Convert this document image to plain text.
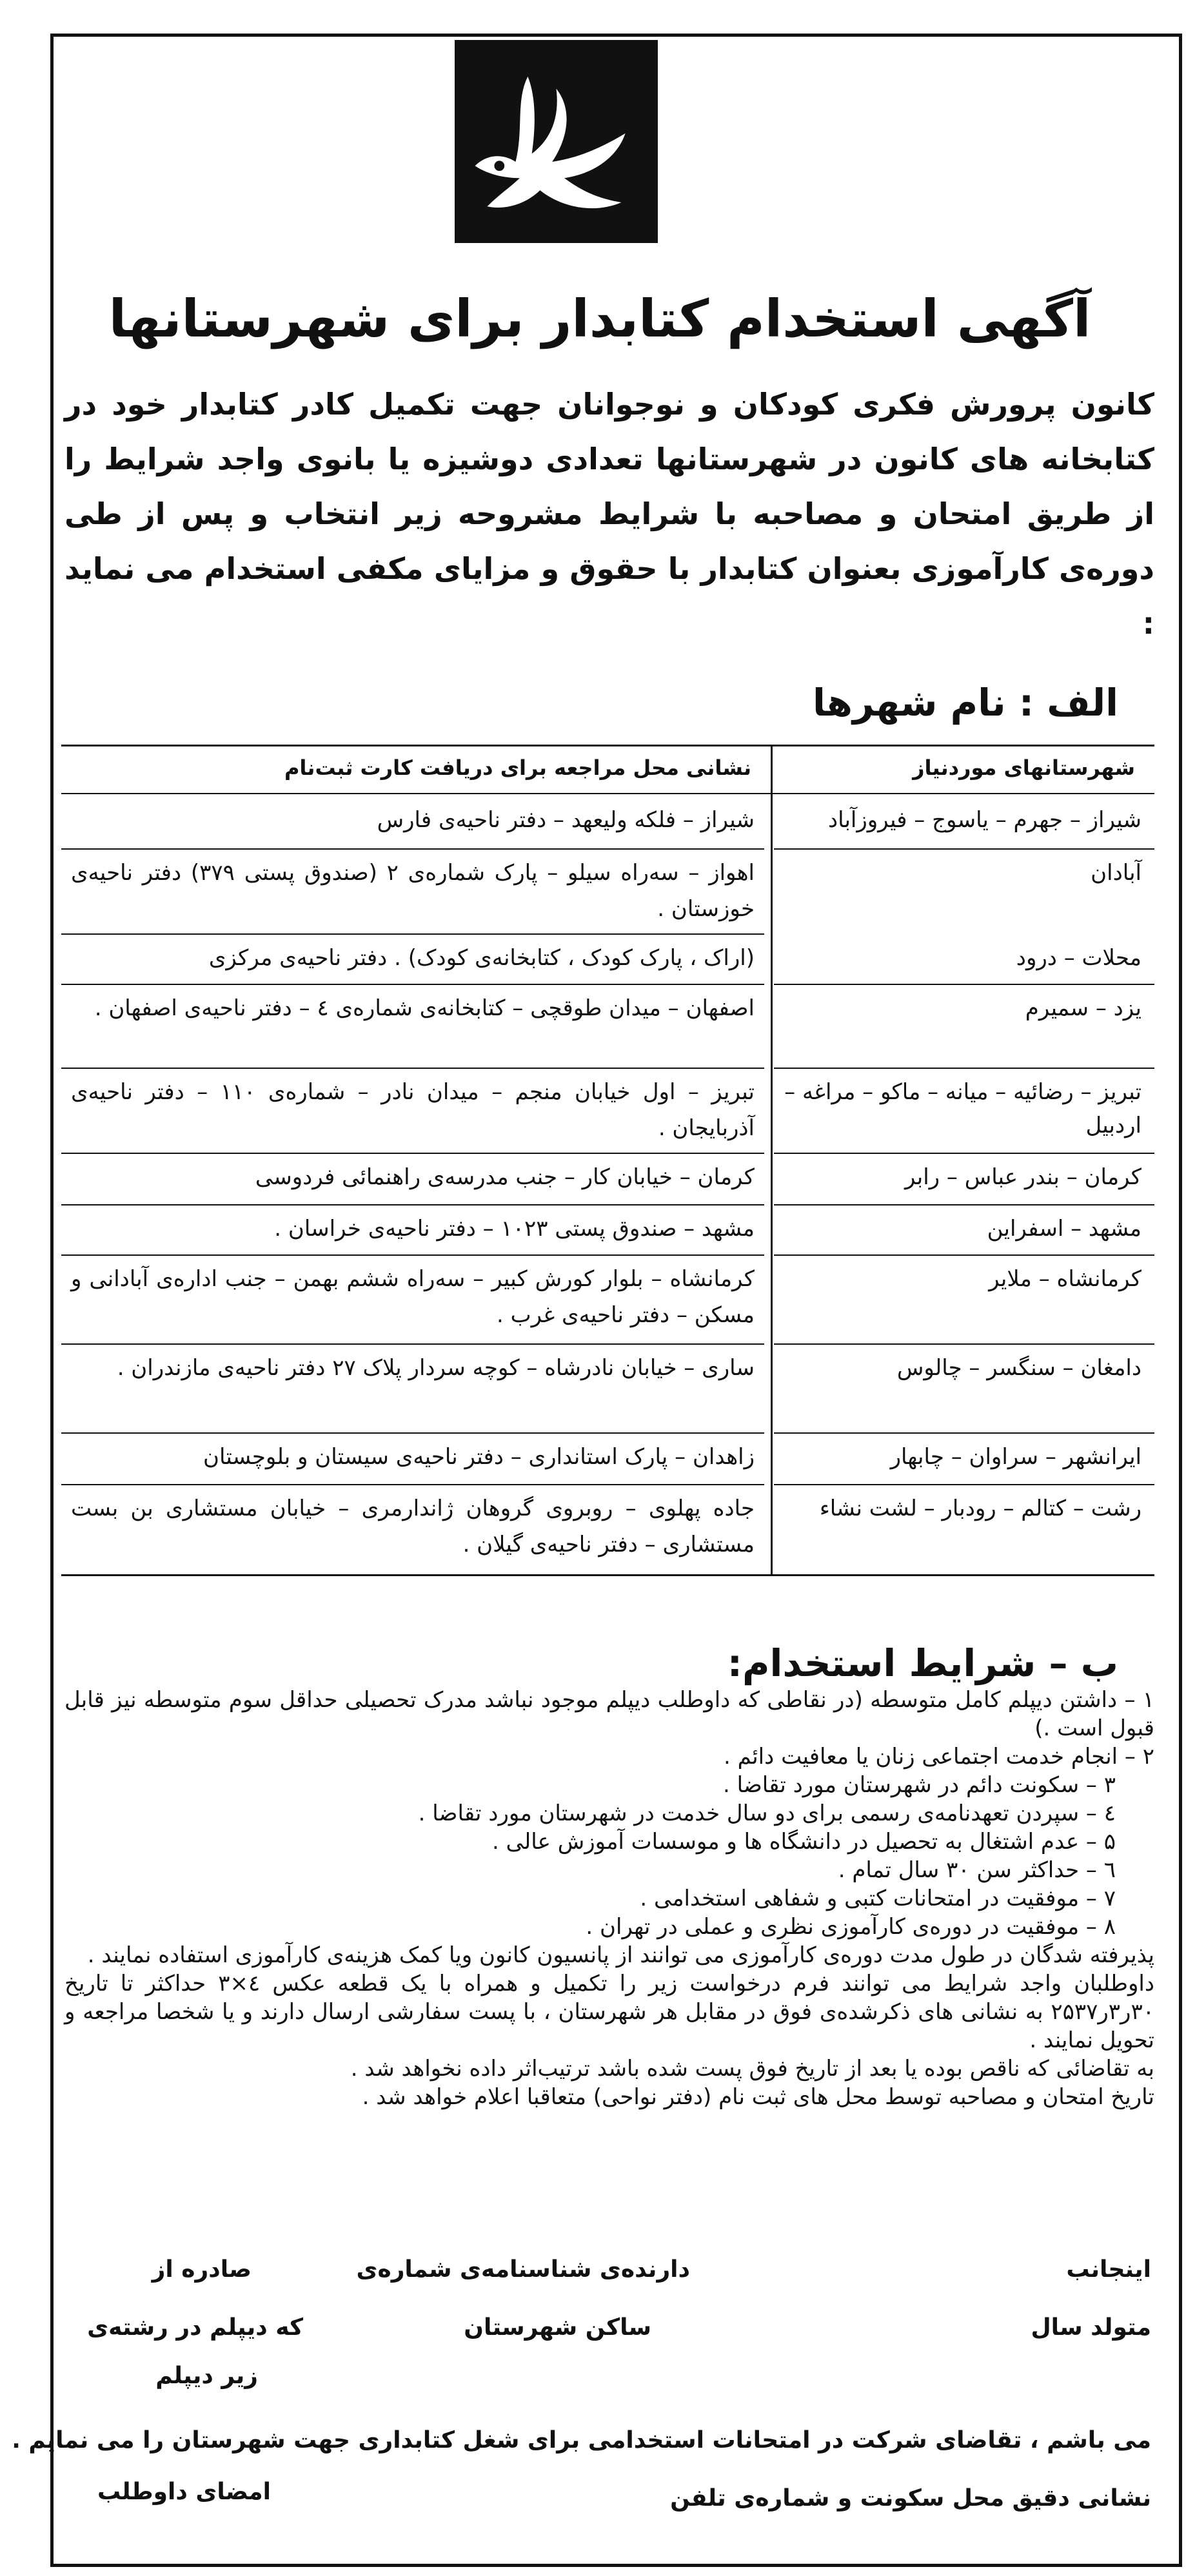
آگهی استخدام کتابدار برای شهرستانها
کانون پرورش فکری کودکان و نوجوانان جهت تکمیل کادر کتابدار خود در کتابخانه های کانون در شهرستانها تعدادی دوشیزه یا بانوی واجد شرایط را از طریق امتحان و مصاحبه با شرایط مشروحه زیر انتخاب و پس از طی دوره‌ی کارآموزی بعنوان کتابدار با حقوق و مزایای مکفی استخدام می نماید :
الف : نام شهرها
شهرستانهای موردنیاز
نشانی محل مراجعه برای دریافت کارت ثبت‌نام
شیراز – جهرم – یاسوج – فیروزآباد
شیراز – فلکه ولیعهد – دفتر ناحیه‌ی فارس
آبادان
اهواز – سه‌راه سیلو – پارک شماره‌ی ۲ (صندوق پستی ۳۷۹) دفتر ناحیه‌ی خوزستان .
محلات – درود
(اراک ، پارک کودک ، کتابخانه‌ی کودک) . دفتر ناحیه‌ی مرکزی
یزد – سمیرم
اصفهان – میدان طوقچی – کتابخانه‌ی شماره‌ی ٤ – دفتر ناحیه‌ی اصفهان .
تبریز – رضائیه – میانه – ماکو – مراغه – اردبیل
تبریز – اول خیابان منجم – میدان نادر – شماره‌ی ۱۱۰ – دفتر ناحیه‌ی آذربایجان .
کرمان – بندر عباس – رابر
کرمان – خیابان کار – جنب مدرسه‌ی راهنمائی فردوسی
مشهد – اسفراین
مشهد – صندوق پستی ۱۰۲۳ – دفتر ناحیه‌ی خراسان .
کرمانشاه – ملایر
کرمانشاه – بلوار کورش کبیر – سه‌راه ششم بهمن – جنب اداره‌ی آبادانی و مسکن – دفتر ناحیه‌ی غرب .
دامغان – سنگسر – چالوس
ساری – خیابان نادرشاه – کوچه سردار پلاک ۲۷ دفتر ناحیه‌ی مازندران .
ایرانشهر – سراوان – چابهار
زاهدان – پارک استانداری – دفتر ناحیه‌ی سیستان و بلوچستان
رشت – کتالم – رودبار – لشت نشاء
جاده پهلوی – روبروی گروهان ژاندارمری – خیابان مستشاری بن بست مستشاری – دفتر ناحیه‌ی گیلان .
ب – شرایط استخدام:

۱ – داشتن دیپلم کامل متوسطه (در نقاطی که داوطلب دیپلم موجود نباشد مدرک تحصیلی حداقل سوم متوسطه نیز قابل قبول است .)

۲ – انجام خدمت اجتماعی زنان یا معافیت دائم .

۳ – سکونت دائم در شهرستان مورد تقاضا .

٤ – سپردن تعهدنامه‌ی رسمی برای دو سال خدمت در شهرستان مورد تقاضا .

۵ – عدم اشتغال به تحصیل در دانشگاه ها و موسسات آموزش عالی .

٦ – حداکثر سن ۳۰ سال تمام .

۷ – موفقیت در امتحانات کتبی و شفاهی استخدامی .

۸ – موفقیت در دوره‌ی کارآموزی نظری و عملی در تهران .

پذیرفته شدگان در طول مدت دوره‌ی کارآموزی می توانند از پانسیون کانون ویا کمک هزینه‌ی کارآموزی استفاده نمایند .

داوطلبان واجد شرایط می توانند فرم درخواست زیر را تکمیل و همراه با یک قطعه عکس ٤×۳ حداکثر تا تاریخ ۳۰ر۳ر۲۵۳۷ به نشانی های ذکرشده‌ی فوق در مقابل هر شهرستان ، با پست سفارشی ارسال دارند و یا شخصا مراجعه و تحویل نمایند .

به تقاضائی که ناقص بوده یا بعد از تاریخ فوق پست شده باشد ترتیب‌اثر داده نخواهد شد .

تاریخ امتحان و مصاحبه توسط محل های ثبت نام (دفتر نواحی) متعاقبا اعلام خواهد شد .

اینجانب
دارنده‌ی شناسنامه‌ی شماره‌ی
صادره از
متولد سال
ساکن شهرستان
که دیپلم در رشته‌ی
زیر دیپلم
می باشم ، تقاضای شرکت در امتحانات استخدامی برای شغل کتابداری جهت شهرستان را می نمایم .
نشانی دقیق محل سکونت و شماره‌ی تلفن
امضای داوطلب
